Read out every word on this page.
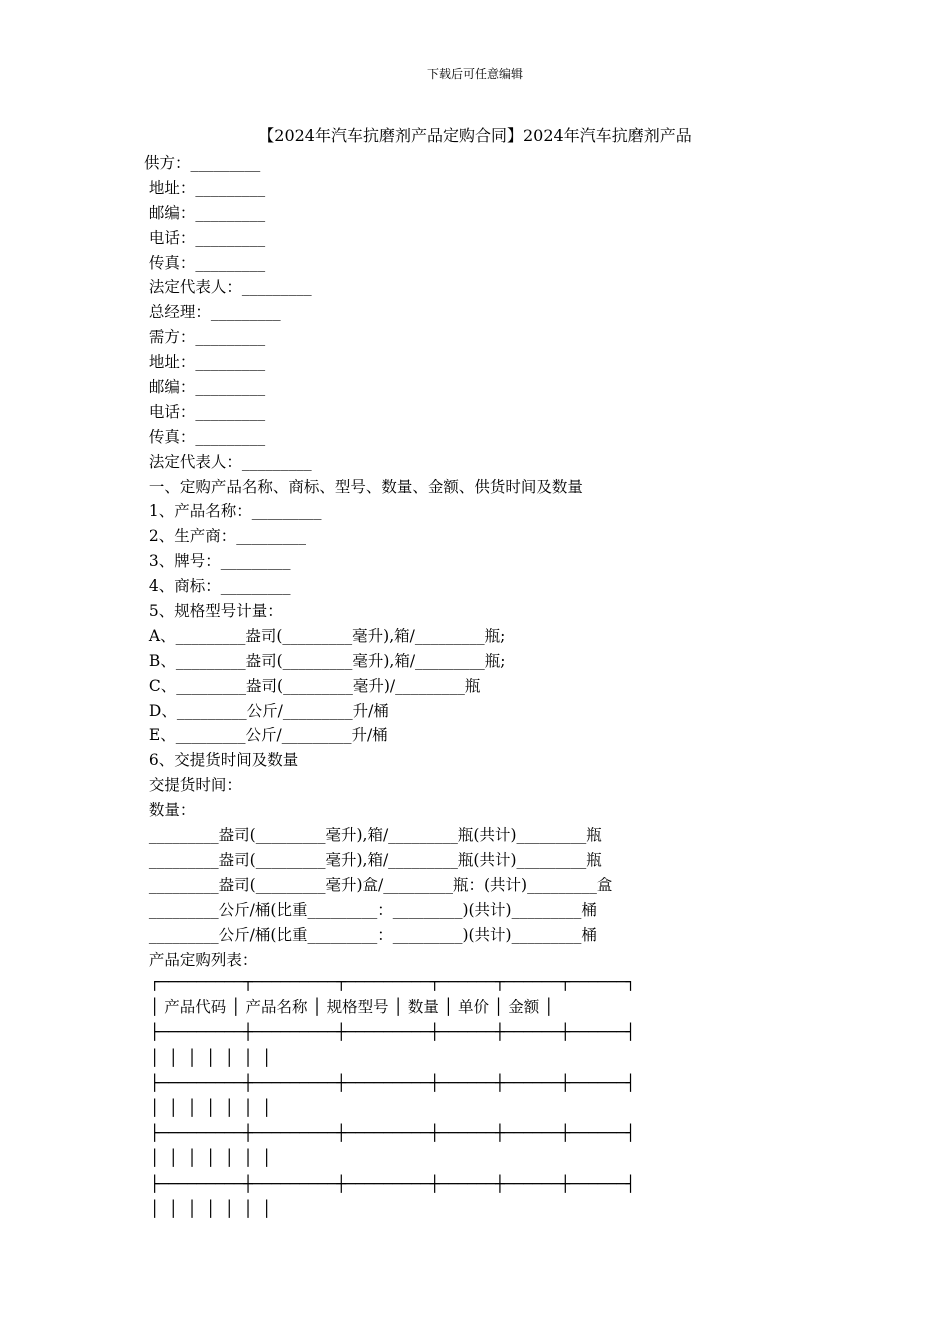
下载后可任意编辑
【2024年汽车抗磨剂产品定购合同】2024年汽车抗磨剂产品
供方：_________
地址：_________
邮编：_________
电话：_________
传真：_________
法定代表人：_________
总经理：_________
需方：_________
地址：_________
邮编：_________
电话：_________
传真：_________
法定代表人：_________
一、定购产品名称、商标、型号、数量、金额、供货时间及数量
1、产品名称：_________
2、生产商：_________
3、牌号：_________
4、商标：_________
5、规格型号计量：
A、_________盎司(_________毫升),箱/_________瓶;
B、_________盎司(_________毫升),箱/_________瓶;
C、_________盎司(_________毫升)/_________瓶
D、_________公斤/_________升/桶
E、_________公斤/_________升/桶
6、交提货时间及数量
交提货时间：
数量：
_________盎司(_________毫升),箱/_________瓶(共计)_________瓶
_________盎司(_________毫升),箱/_________瓶(共计)_________瓶
_________盎司(_________毫升)盒/_________瓶：(共计)_________盒
_________公斤/桶(比重_________：_________)(共计)_________桶
_________公斤/桶(比重_________：_________)(共计)_________桶
产品定购列表：
┌─────────┬─────────┬─────────┬──────┬──────┬──────┐
│ 产品代码 │ 产品名称 │ 规格型号 │ 数量 │ 单价 │ 金额 │
├─────────┼─────────┼─────────┼──────┼──────┼──────┤
│ │ │ │ │ │ │
├─────────┼─────────┼─────────┼──────┼──────┼──────┤
│ │ │ │ │ │ │
├─────────┼─────────┼─────────┼──────┼──────┼──────┤
│ │ │ │ │ │ │
├─────────┼─────────┼─────────┼──────┼──────┼──────┤
│ │ │ │ │ │ │
